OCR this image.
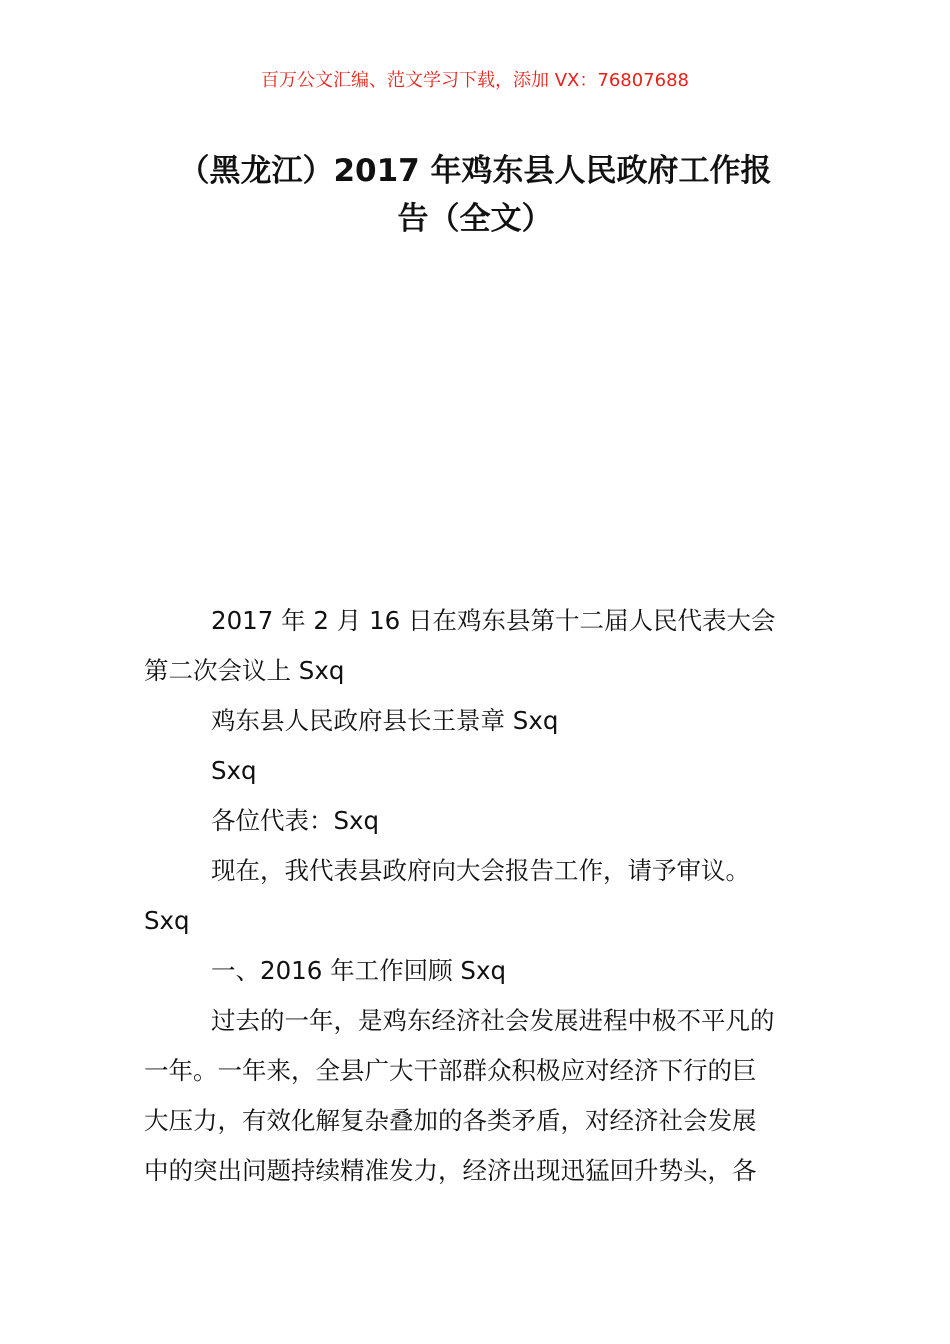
百万公文汇编、范文学习下载，添加 VX：76807688
（黑龙江）2017 年鸡东县人民政府工作报
告（全文）
2017 年 2 月 16 日在鸡东县第十二届人民代表大会
第二次会议上 Sxq
鸡东县人民政府县长王景章 Sxq
Sxq
各位代表：Sxq
现在，我代表县政府向大会报告工作，请予审议。
Sxq
一、2016 年工作回顾 Sxq
过去的一年，是鸡东经济社会发展进程中极不平凡的
一年。一年来，全县广大干部群众积极应对经济下行的巨
大压力，有效化解复杂叠加的各类矛盾，对经济社会发展
中的突出问题持续精准发力，经济出现迅猛回升势头，各
